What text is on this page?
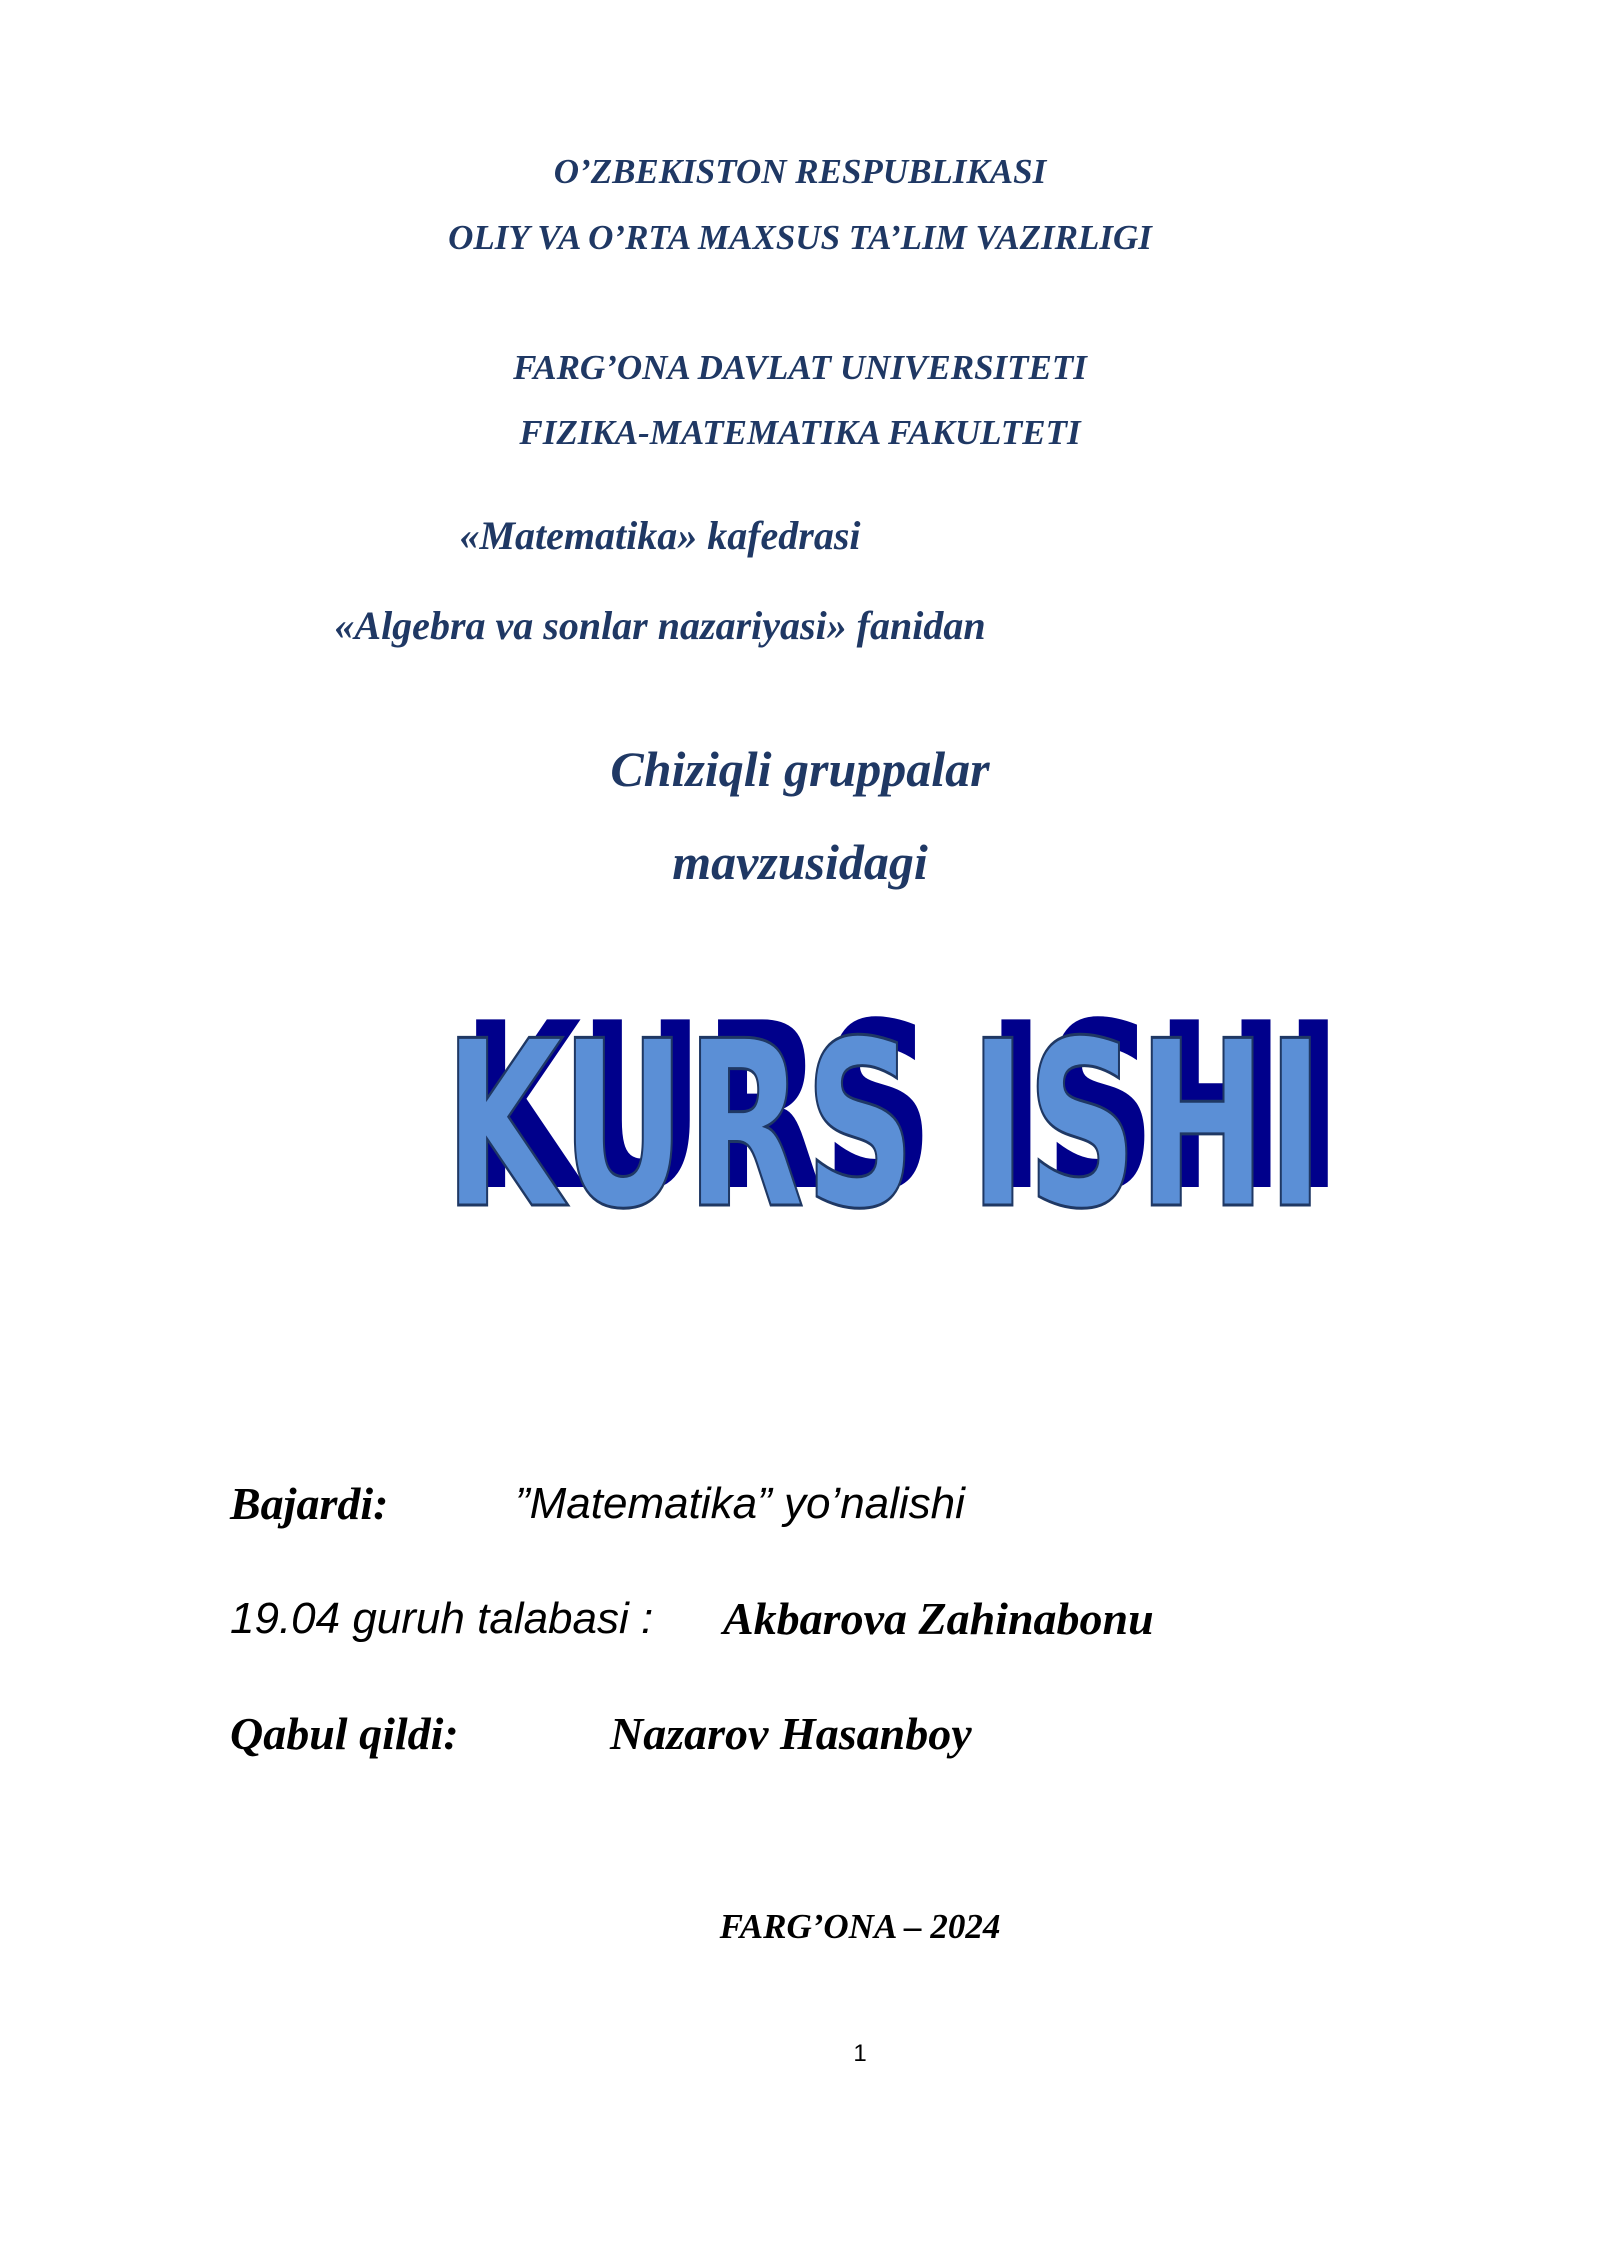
O’ZBEKISTON RESPUBLIKASI
OLIY VA O’RTA MAXSUS TA’LIM VAZIRLIGI
FARG’ONA DAVLAT UNIVERSITETI
FIZIKA-MATEMATIKA FAKULTETI
«Matematika» kafedrasi
«Algebra va sonlar nazariyasi» fanidan
Chiziqli gruppalar
mavzusidagi
KURS ISHI
KURS ISHI
Bajardi:	”Matematika” yo’nalishi
19.04 guruh talabasi : Akbarova Zahinabonu
Qabul qildi:	Nazarov Hasanboy
FARG’ONA – 2024
1
